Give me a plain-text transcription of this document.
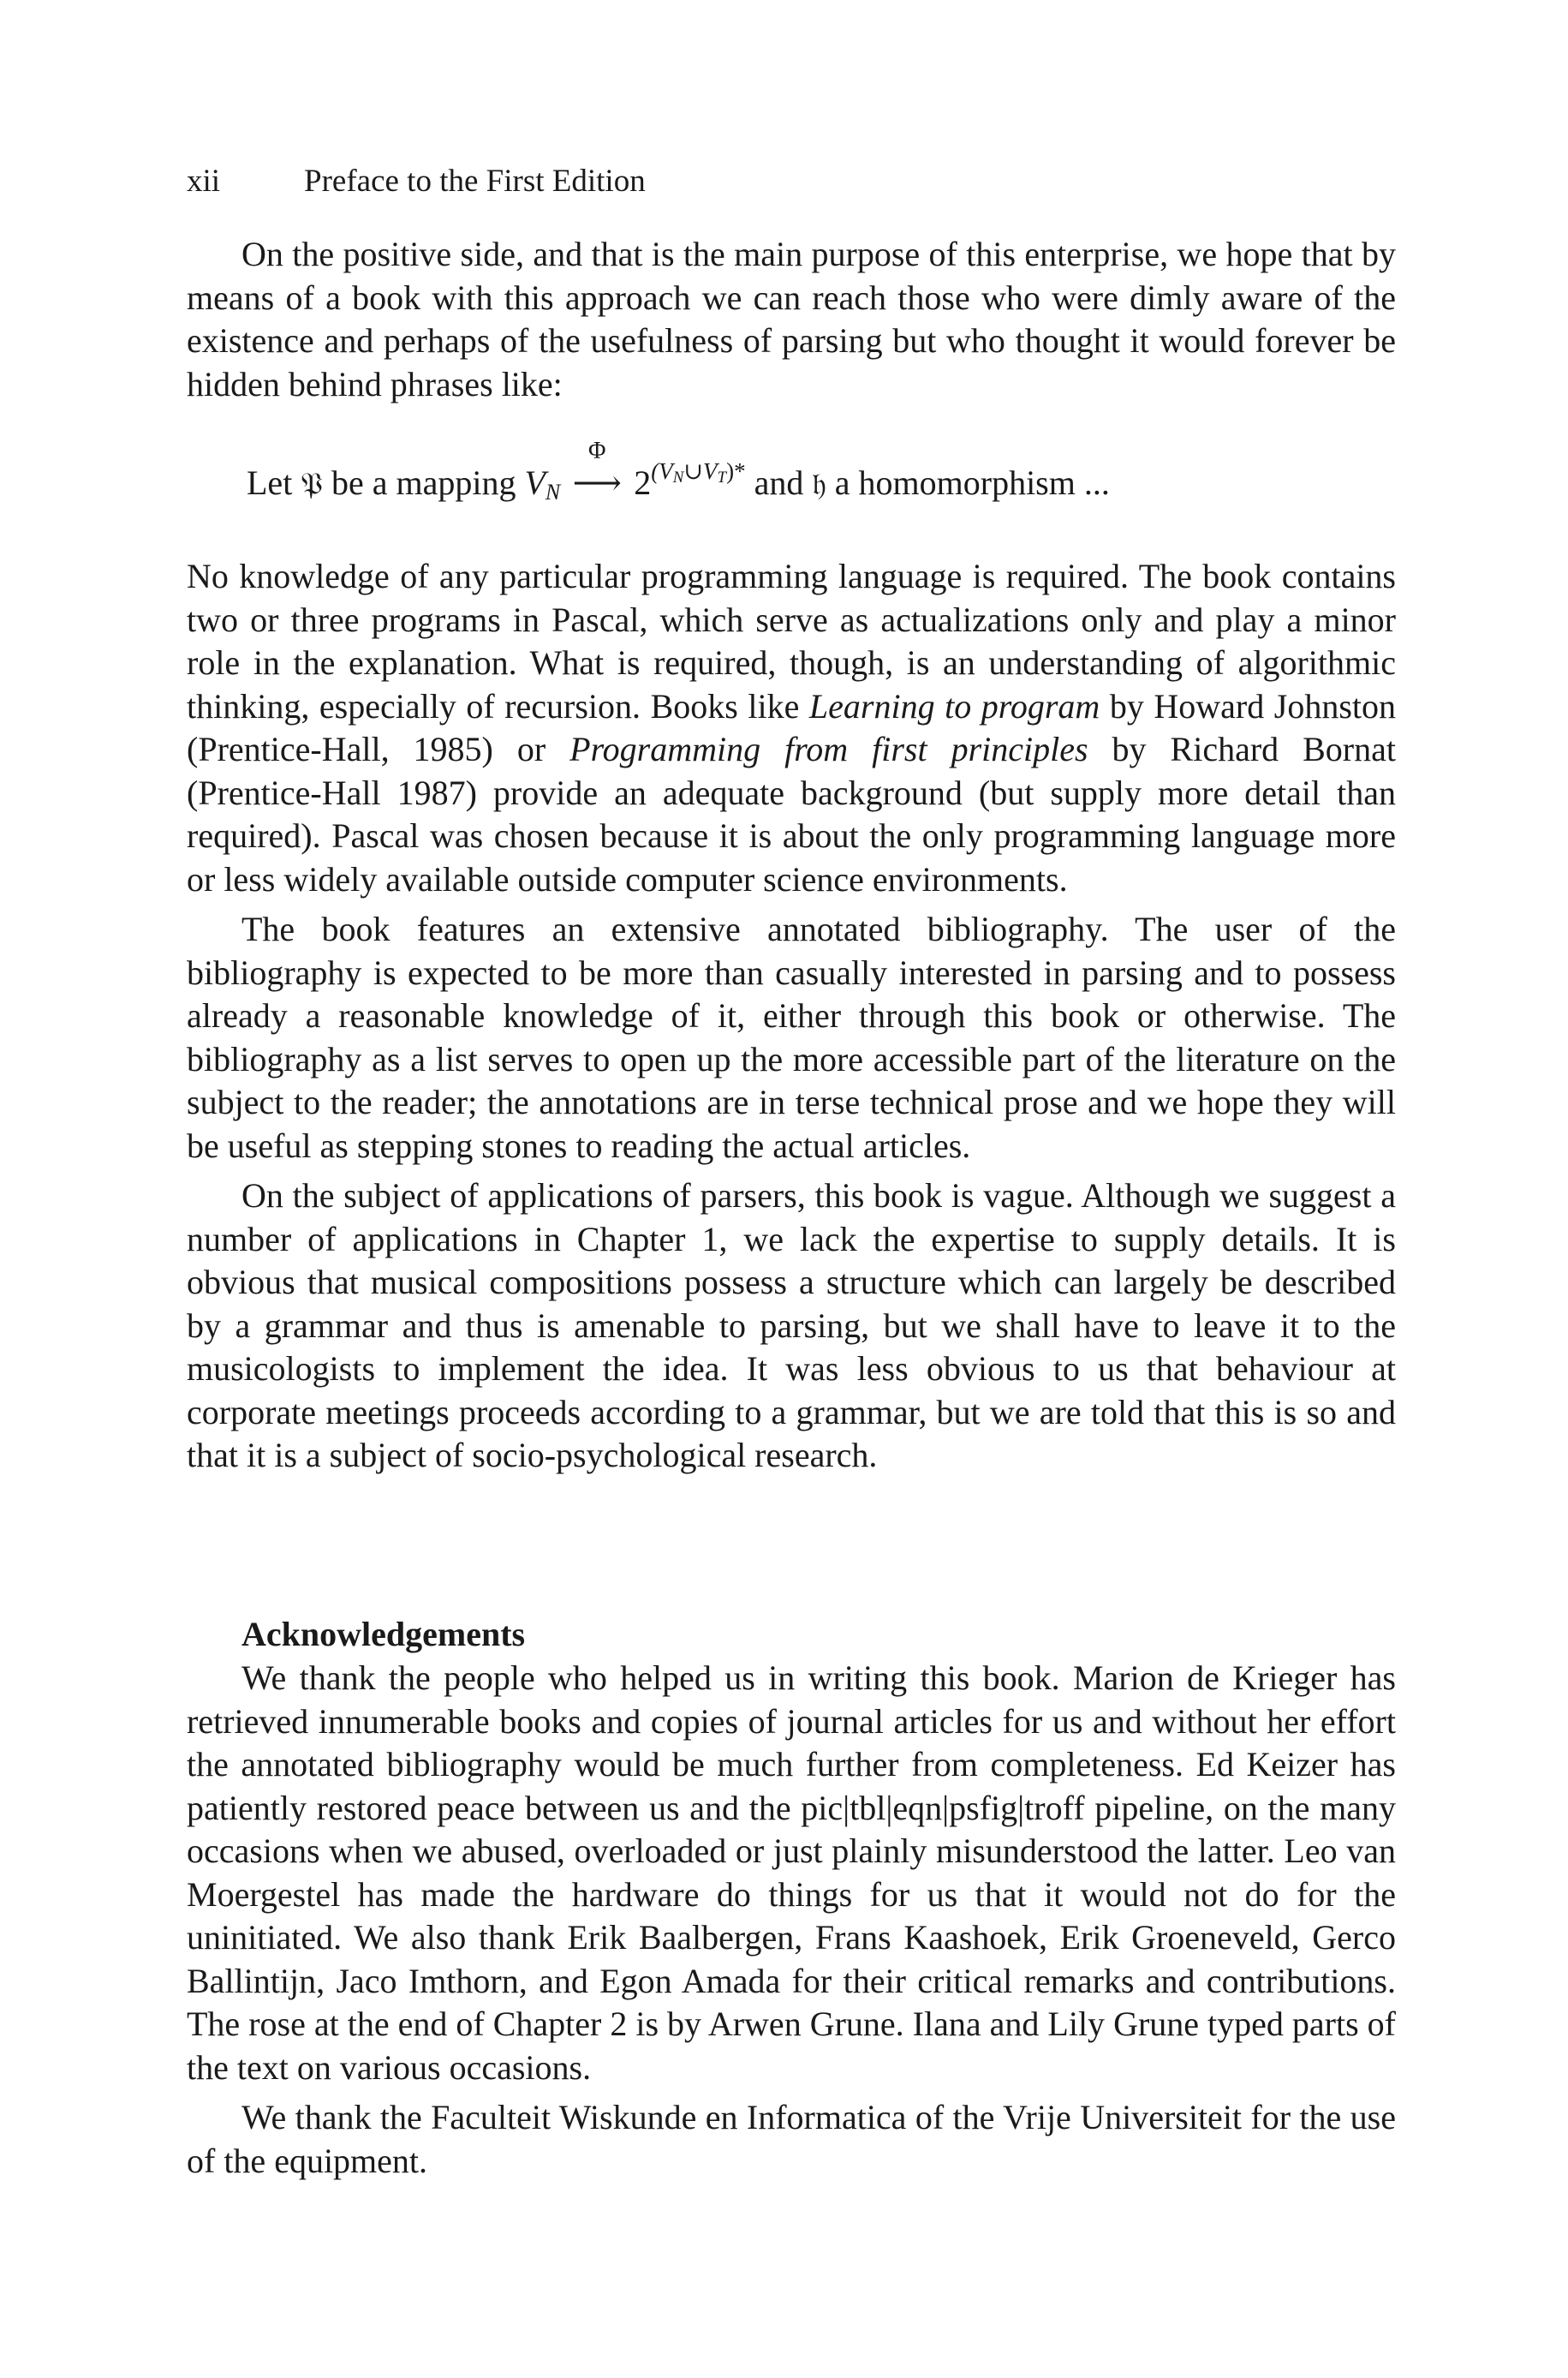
xii	Preface to the First Edition

On the positive side, and that is the main purpose of this enterprise, we hope that by means of a book with this approach we can reach those who were dimly aware of the existence and perhaps of the usefulness of parsing but who thought it would forever be hidden behind phrases like:

Let 𝔓 be a mapping $V_N$
Φ
⟶ $2^{(V_N\cup V_T)*}$ and 𝔥 a homomorphism ...

No knowledge of any particular programming language is required. The book contains two or three programs in Pascal, which serve as actualizations only and play a minor role in the explanation. What is required, though, is an understanding of algorithmic thinking, especially of recursion. Books like Learning to program by Howard Johnston (Prentice-Hall, 1985) or Programming from first principles by Richard Bornat (Prentice-Hall 1987) provide an adequate background (but supply more detail than required). Pascal was chosen because it is about the only programming language more or less widely available outside computer science environments.

The book features an extensive annotated bibliography. The user of the bibliography is expected to be more than casually interested in parsing and to possess already a reasonable knowledge of it, either through this book or otherwise. The bibliography as a list serves to open up the more accessible part of the literature on the subject to the reader; the annotations are in terse technical prose and we hope they will be useful as stepping stones to reading the actual articles.

On the subject of applications of parsers, this book is vague. Although we suggest a number of applications in Chapter 1, we lack the expertise to supply details. It is obvious that musical compositions possess a structure which can largely be described by a grammar and thus is amenable to parsing, but we shall have to leave it to the musicologists to implement the idea. It was less obvious to us that behaviour at corporate meetings proceeds according to a grammar, but we are told that this is so and that it is a subject of socio-psychological research.

Acknowledgements

We thank the people who helped us in writing this book. Marion de Krieger has retrieved innumerable books and copies of journal articles for us and without her effort the annotated bibliography would be much further from completeness. Ed Keizer has patiently restored peace between us and the pic|tbl|eqn|psfig|troff pipeline, on the many occasions when we abused, overloaded or just plainly misunderstood the latter. Leo van Moergestel has made the hardware do things for us that it would not do for the uninitiated. We also thank Erik Baalbergen, Frans Kaashoek, Erik Groeneveld, Gerco Ballintijn, Jaco Imthorn, and Egon Amada for their critical remarks and contributions. The rose at the end of Chapter 2 is by Arwen Grune. Ilana and Lily Grune typed parts of the text on various occasions.

We thank the Faculteit Wiskunde en Informatica of the Vrije Universiteit for the use of the equipment.
